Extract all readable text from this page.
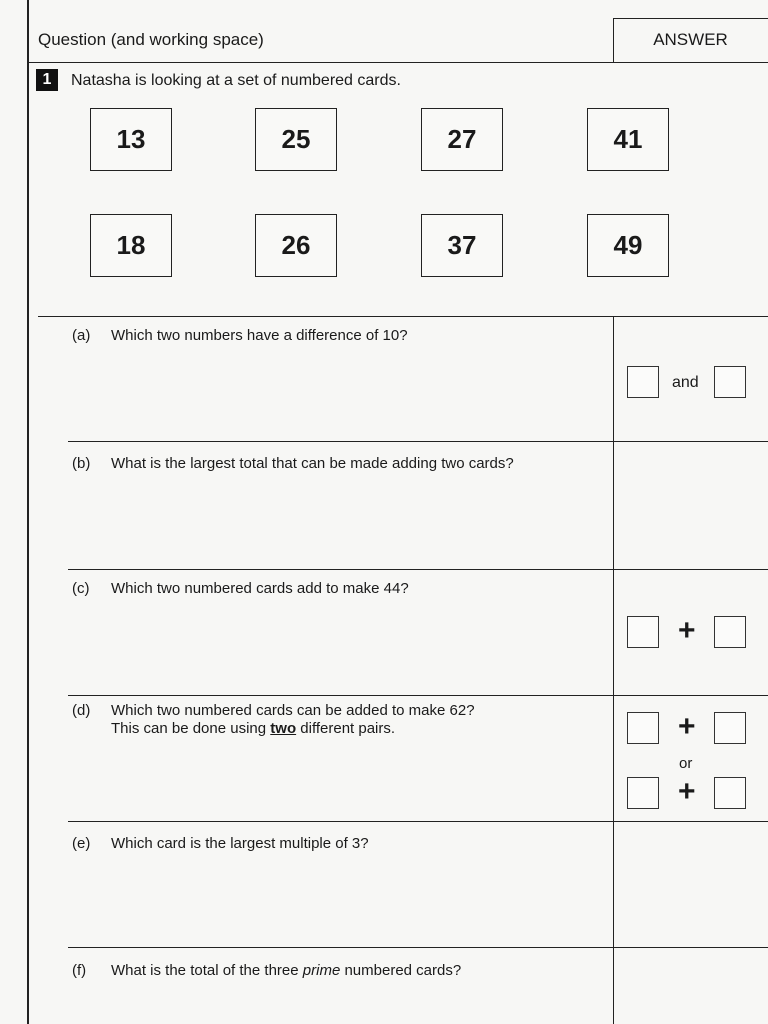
Question (and working space)	ANSWER
1	Natasha is looking at a set of numbered cards.
13	25	27	41
18	26	37	49
(a) Which two numbers have a difference of 10?
and
(b) What is the largest total that can be made adding two cards?
(c) Which two numbered cards add to make 44?
+
(d) Which two numbered cards can be added to make 62?
This can be done using two different pairs.	+
or
+
(e) Which card is the largest multiple of 3?
(f) What is the total of the three prime numbered cards?
